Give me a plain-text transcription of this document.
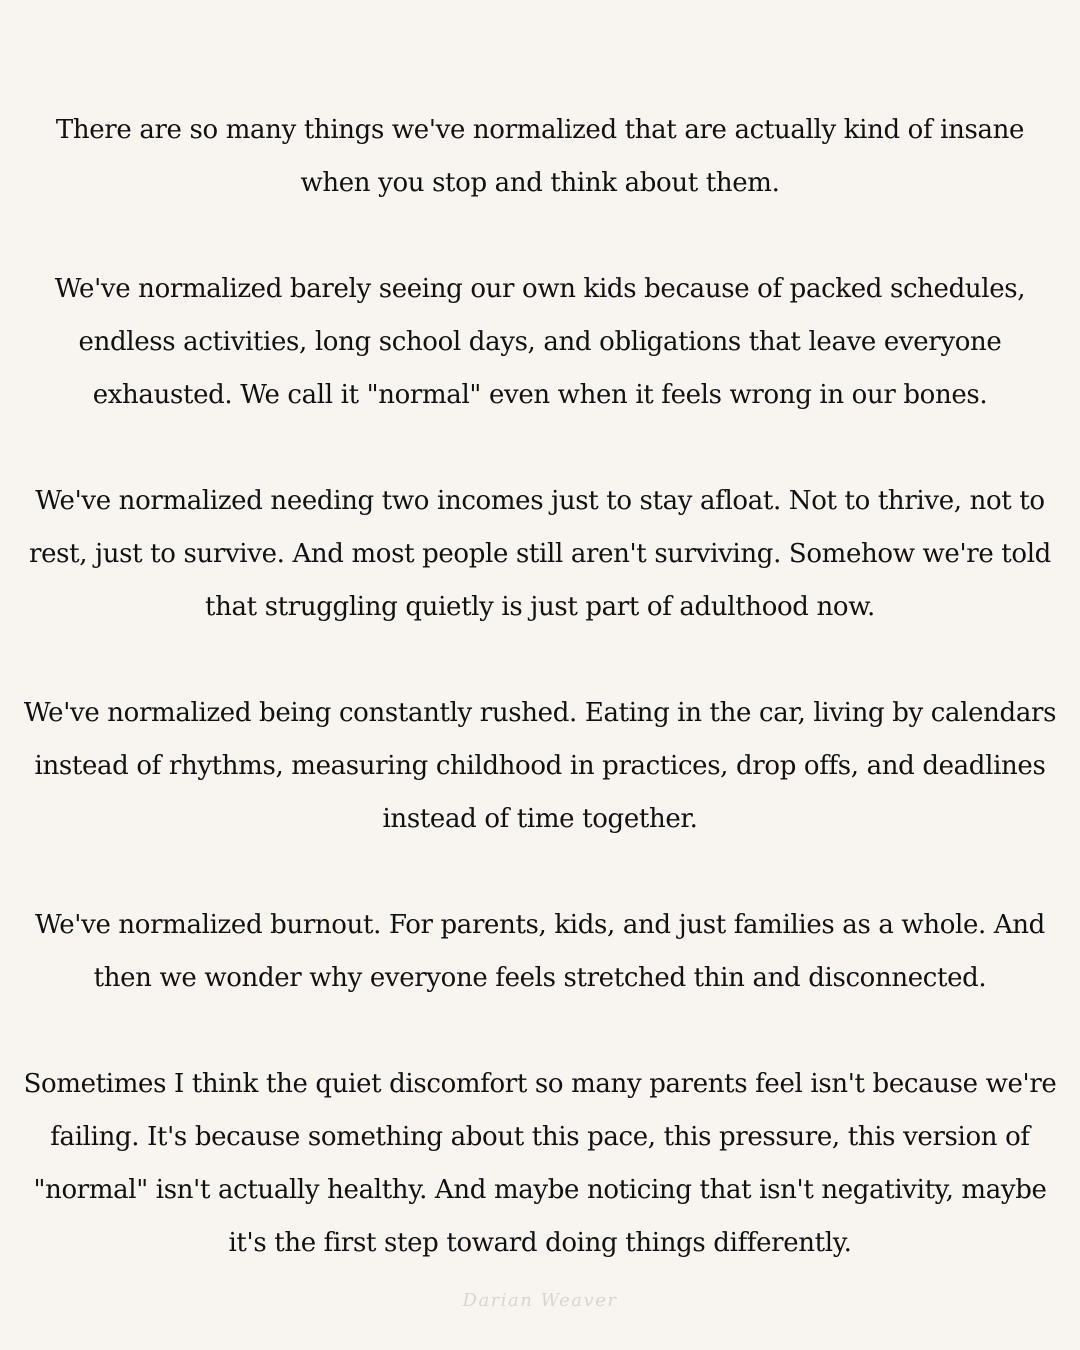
There are so many things we've normalized that are actually kind of insane when you stop and think about them.

We've normalized barely seeing our own kids because of packed schedules, endless activities, long school days, and obligations that leave everyone exhausted. We call it "normal" even when it feels wrong in our bones.

We've normalized needing two incomes just to stay afloat. Not to thrive, not to rest, just to survive. And most people still aren't surviving. Somehow we're told that struggling quietly is just part of adulthood now.

We've normalized being constantly rushed. Eating in the car, living by calendars instead of rhythms, measuring childhood in practices, drop offs, and deadlines instead of time together.

We've normalized burnout. For parents, kids, and just families as a whole. And then we wonder why everyone feels stretched thin and disconnected.

Sometimes I think the quiet discomfort so many parents feel isn't because we're failing. It's because something about this pace, this pressure, this version of "normal" isn't actually healthy. And maybe noticing that isn't negativity, maybe it's the first step toward doing things differently.

Darian Weaver
